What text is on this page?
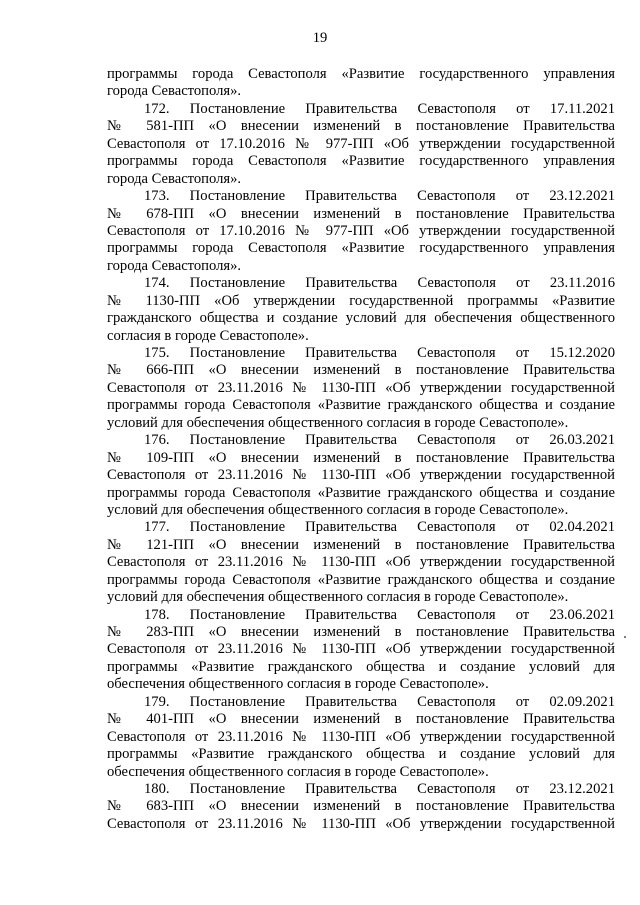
19
программы города Севастополя «Развитие государственного управления
города Севастополя».
172. Постановление Правительства Севастополя от 17.11.2021
№ 581-ПП «О внесении изменений в постановление Правительства
Севастополя от 17.10.2016 № 977-ПП «Об утверждении государственной
программы города Севастополя «Развитие государственного управления
города Севастополя».
173. Постановление Правительства Севастополя от 23.12.2021
№ 678-ПП «О внесении изменений в постановление Правительства
Севастополя от 17.10.2016 № 977-ПП «Об утверждении государственной
программы города Севастополя «Развитие государственного управления
города Севастополя».
174. Постановление Правительства Севастополя от 23.11.2016
№ 1130-ПП «Об утверждении государственной программы «Развитие
гражданского общества и создание условий для обеспечения общественного
согласия в городе Севастополе».
175. Постановление Правительства Севастополя от 15.12.2020
№ 666-ПП «О внесении изменений в постановление Правительства
Севастополя от 23.11.2016 № 1130-ПП «Об утверждении государственной
программы города Севастополя «Развитие гражданского общества и создание
условий для обеспечения общественного согласия в городе Севастополе».
176. Постановление Правительства Севастополя от 26.03.2021
№ 109-ПП «О внесении изменений в постановление Правительства
Севастополя от 23.11.2016 № 1130-ПП «Об утверждении государственной
программы города Севастополя «Развитие гражданского общества и создание
условий для обеспечения общественного согласия в городе Севастополе».
177. Постановление Правительства Севастополя от 02.04.2021
№ 121-ПП «О внесении изменений в постановление Правительства
Севастополя от 23.11.2016 № 1130-ПП «Об утверждении государственной
программы города Севастополя «Развитие гражданского общества и создание
условий для обеспечения общественного согласия в городе Севастополе».
178. Постановление Правительства Севастополя от 23.06.2021
№ 283-ПП «О внесении изменений в постановление Правительства
Севастополя от 23.11.2016 № 1130-ПП «Об утверждении государственной
программы «Развитие гражданского общества и создание условий для
обеспечения общественного согласия в городе Севастополе».
179. Постановление Правительства Севастополя от 02.09.2021
№ 401-ПП «О внесении изменений в постановление Правительства
Севастополя от 23.11.2016 № 1130-ПП «Об утверждении государственной
программы «Развитие гражданского общества и создание условий для
обеспечения общественного согласия в городе Севастополе».
180. Постановление Правительства Севастополя от 23.12.2021
№ 683-ПП «О внесении изменений в постановление Правительства
Севастополя от 23.11.2016 № 1130-ПП «Об утверждении государственной
